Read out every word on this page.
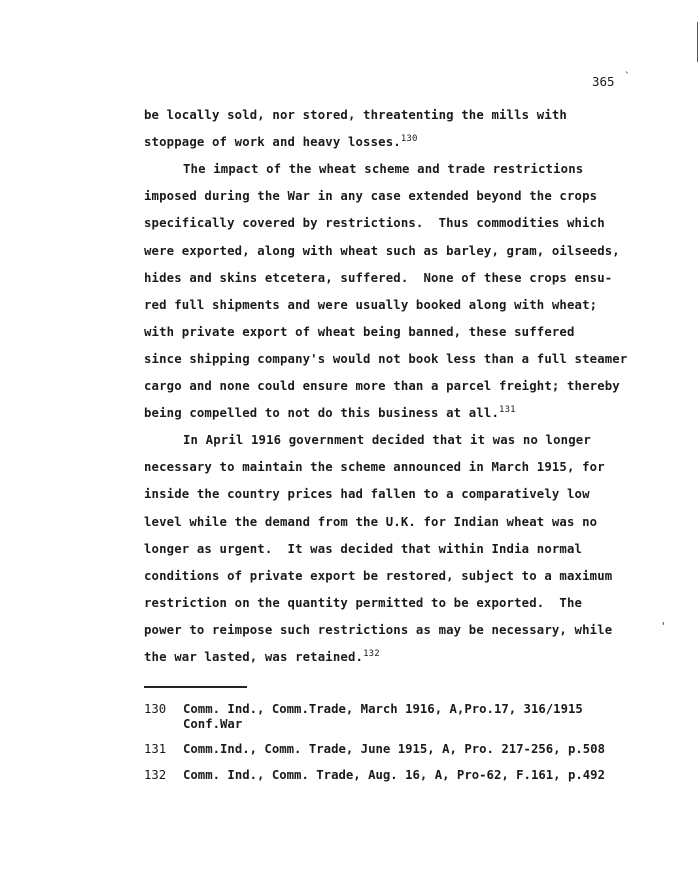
365 `
'
be locally sold, nor stored, threatenting the mills with
stoppage of work and heavy losses.$^{130}$
The impact of the wheat scheme and trade restrictions
imposed during the War in any case extended beyond the crops
specifically covered by restrictions.  Thus commodities which
were exported, along with wheat such as barley, gram, oilseeds,
hides and skins etcetera, suffered.  None of these crops ensu-
red full shipments and were usually booked along with wheat;
with private export of wheat being banned, these suffered
since shipping company's would not book less than a full steamer
cargo and none could ensure more than a parcel freight; thereby
being compelled to not do this business at all.$^{131}$
In April 1916 government decided that it was no longer
necessary to maintain the scheme announced in March 1915, for
inside the country prices had fallen to a comparatively low
level while the demand from the U.K. for Indian wheat was no
longer as urgent.  It was decided that within India normal
conditions of private export be restored, subject to a maximum
restriction on the quantity permitted to be exported.  The
power to reimpose such restrictions as may be necessary, while
the war lasted, was retained.$^{132}$
130 Comm. Ind., Comm.Trade, March 1916, A,Pro.17, 316/1915
Conf.War
131 Comm.Ind., Comm. Trade, June 1915, A, Pro. 217-256, p.508
132 Comm. Ind., Comm. Trade, Aug. 16, A, Pro-62, F.161, p.492
